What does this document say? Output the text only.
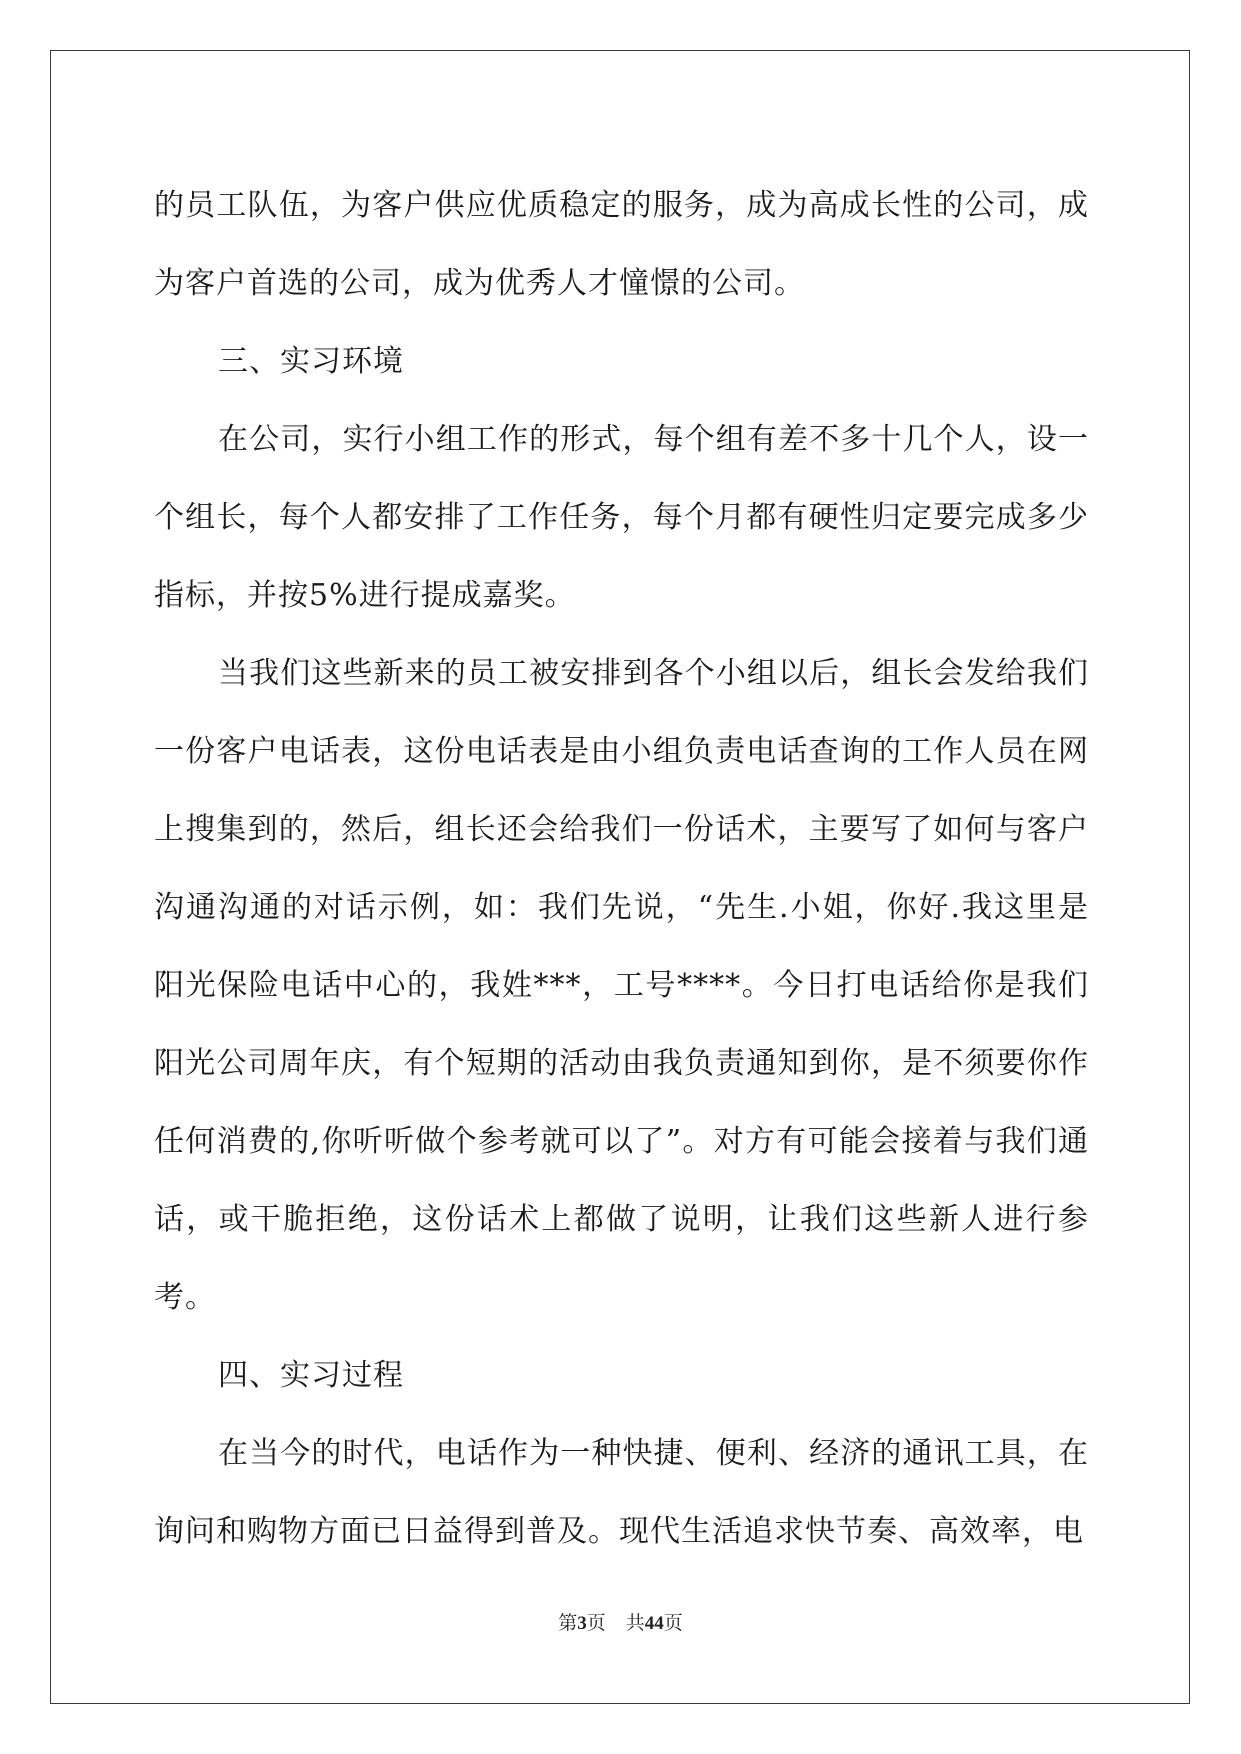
的员工队伍，为客户供应优质稳定的服务，成为高成长性的公司，成为客户首选的公司，成为优秀人才憧憬的公司。

三、实习环境

在公司，实行小组工作的形式，每个组有差不多十几个人，设一个组长，每个人都安排了工作任务，每个月都有硬性归定要完成多少指标，并按5%进行提成嘉奖。

当我们这些新来的员工被安排到各个小组以后，组长会发给我们一份客户电话表，这份电话表是由小组负责电话查询的工作人员在网上搜集到的，然后，组长还会给我们一份话术，主要写了如何与客户沟通沟通的对话示例，如：我们先说，“先生.小姐，你好.我这里是阳光保险电话中心的，我姓***，工号****。今日打电话给你是我们阳光公司周年庆，有个短期的活动由我负责通知到你，是不须要你作任何消费的,你听听做个参考就可以了”。对方有可能会接着与我们通话，或干脆拒绝，这份话术上都做了说明，让我们这些新人进行参考。

四、实习过程

在当今的时代，电话作为一种快捷、便利、经济的通讯工具，在询问和购物方面已日益得到普及。现代生活追求快节奏、高效率，电

第3页 共44页
